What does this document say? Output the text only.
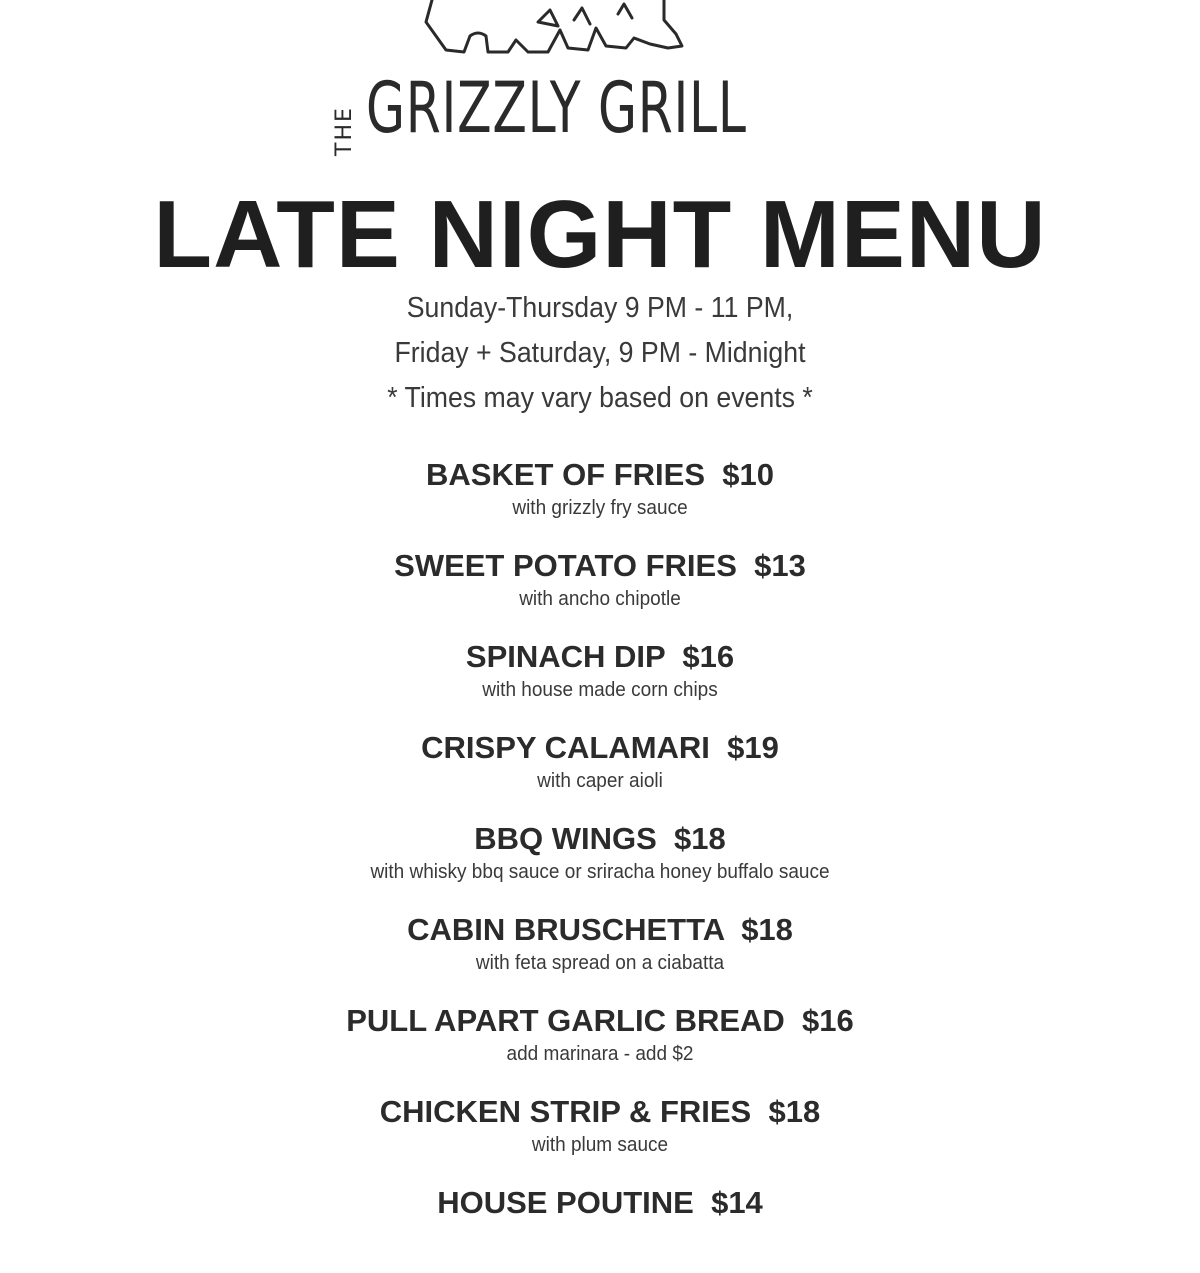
THE GRIZZLY GRILL
LATE NIGHT MENU
Sunday-Thursday 9 PM - 11 PM,
Friday + Saturday, 9 PM - Midnight
* Times may vary based on events *
BASKET OF FRIES $10
with grizzly fry sauce
SWEET POTATO FRIES $13
with ancho chipotle
SPINACH DIP $16
with house made corn chips
CRISPY CALAMARI $19
with caper aioli
BBQ WINGS $18
with whisky bbq sauce or sriracha honey buffalo sauce
CABIN BRUSCHETTA $18
with feta spread on a ciabatta
PULL APART GARLIC BREAD $16
add marinara - add $2
CHICKEN STRIP & FRIES $18
with plum sauce
HOUSE POUTINE $14
